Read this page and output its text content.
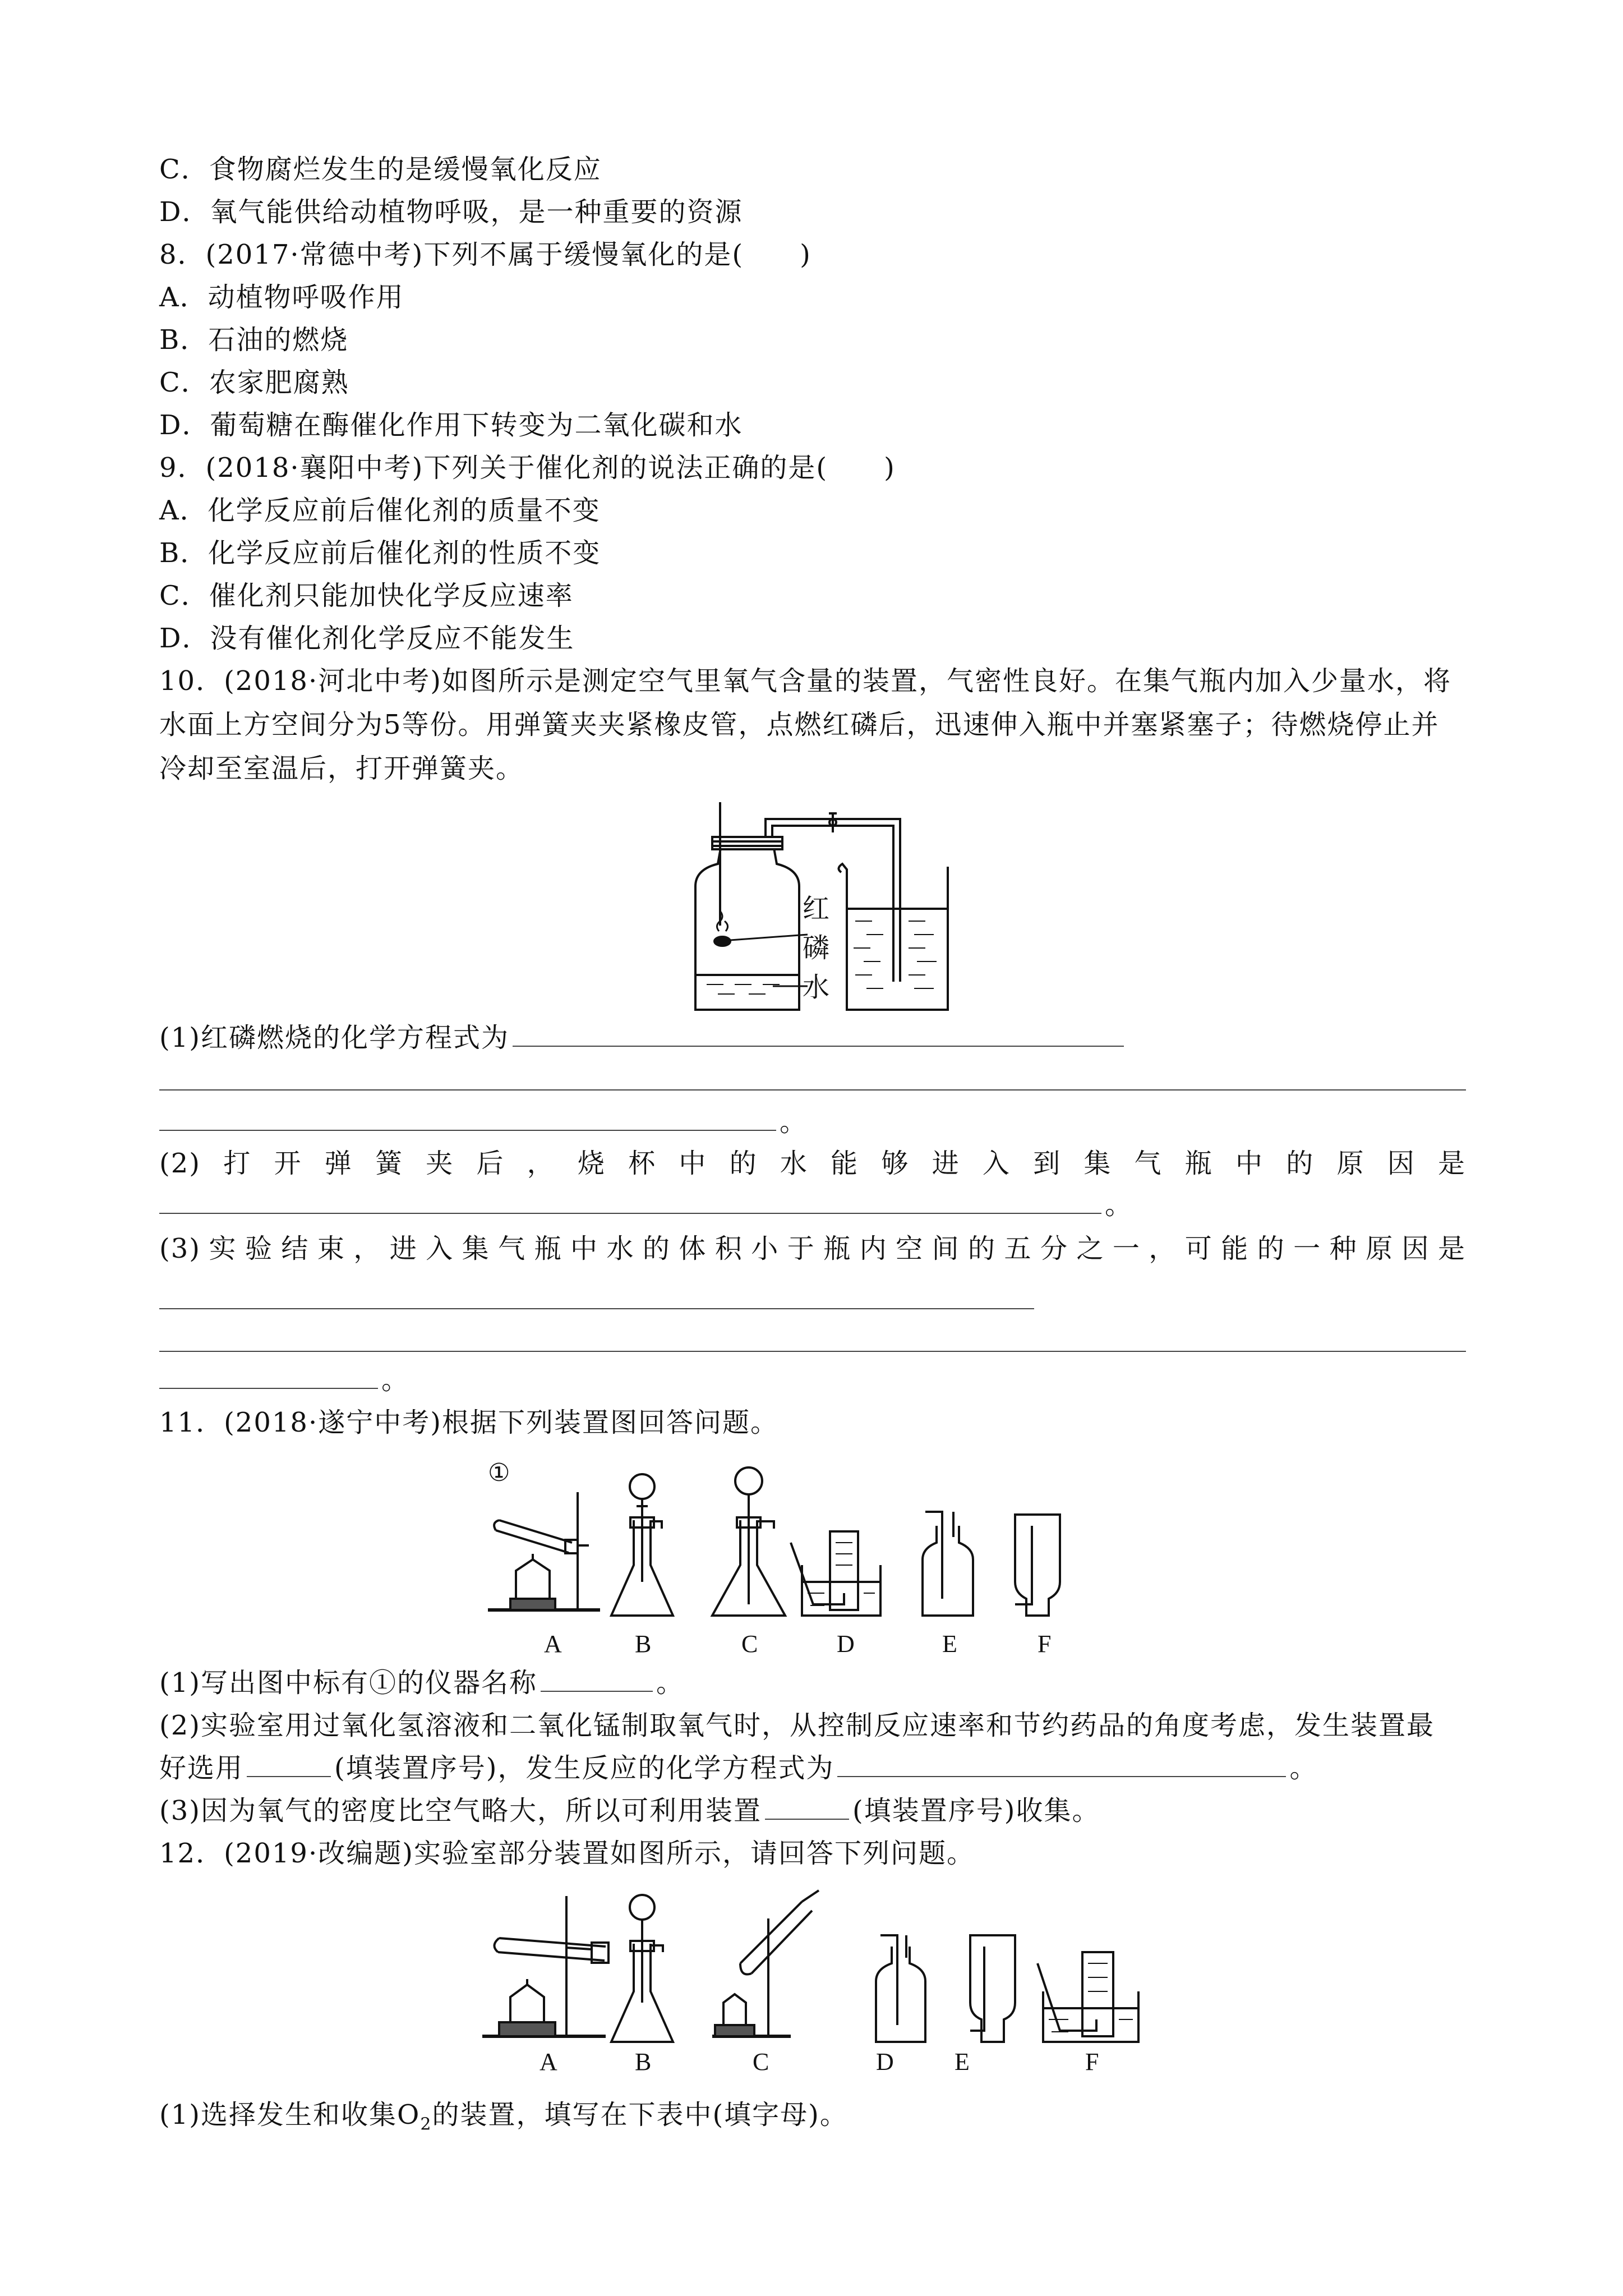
C．食物腐烂发生的是缓慢氧化反应
D．氧气能供给动植物呼吸，是一种重要的资源
8．(2017·常德中考)下列不属于缓慢氧化的是(　　)
A．动植物呼吸作用
B．石油的燃烧
C．农家肥腐熟
D．葡萄糖在酶催化作用下转变为二氧化碳和水
9．(2018·襄阳中考)下列关于催化剂的说法正确的是(　　)
A．化学反应前后催化剂的质量不变
B．化学反应前后催化剂的性质不变
C．催化剂只能加快化学反应速率
D．没有催化剂化学反应不能发生
10．(2018·河北中考)如图所示是测定空气里氧气含量的装置，气密性良好。在集气瓶内加入少量水，将
水面上方空间分为5等份。用弹簧夹夹紧橡皮管，点燃红磷后，迅速伸入瓶中并塞紧塞子；待燃烧停止并
冷却至室温后，打开弹簧夹。
红
磷
水
(1)红磷燃烧的化学方程式为
。
(2)打开弹簧夹后，烧杯中的水能够进入到集气瓶中的原因是
。
(3)实验结束，进入集气瓶中水的体积小于瓶内空间的五分之一，可能的一种原因是
。
11．(2018·遂宁中考)根据下列装置图回答问题。
A	B	C	D	E	F
①
(1)写出图中标有①的仪器名称	。
(2)实验室用过氧化氢溶液和二氧化锰制取氧气时，从控制反应速率和节约药品的角度考虑，发生装置最
好选用	(填装置序号)，发生反应的化学方程式为	。
(3)因为氧气的密度比空气略大，所以可利用装置	(填装置序号)收集。
12．(2019·改编题)实验室部分装置如图所示，请回答下列问题。
A	B	C	D E	F
(1)选择发生和收集$O_2$的装置，填写在下表中(填字母)。
